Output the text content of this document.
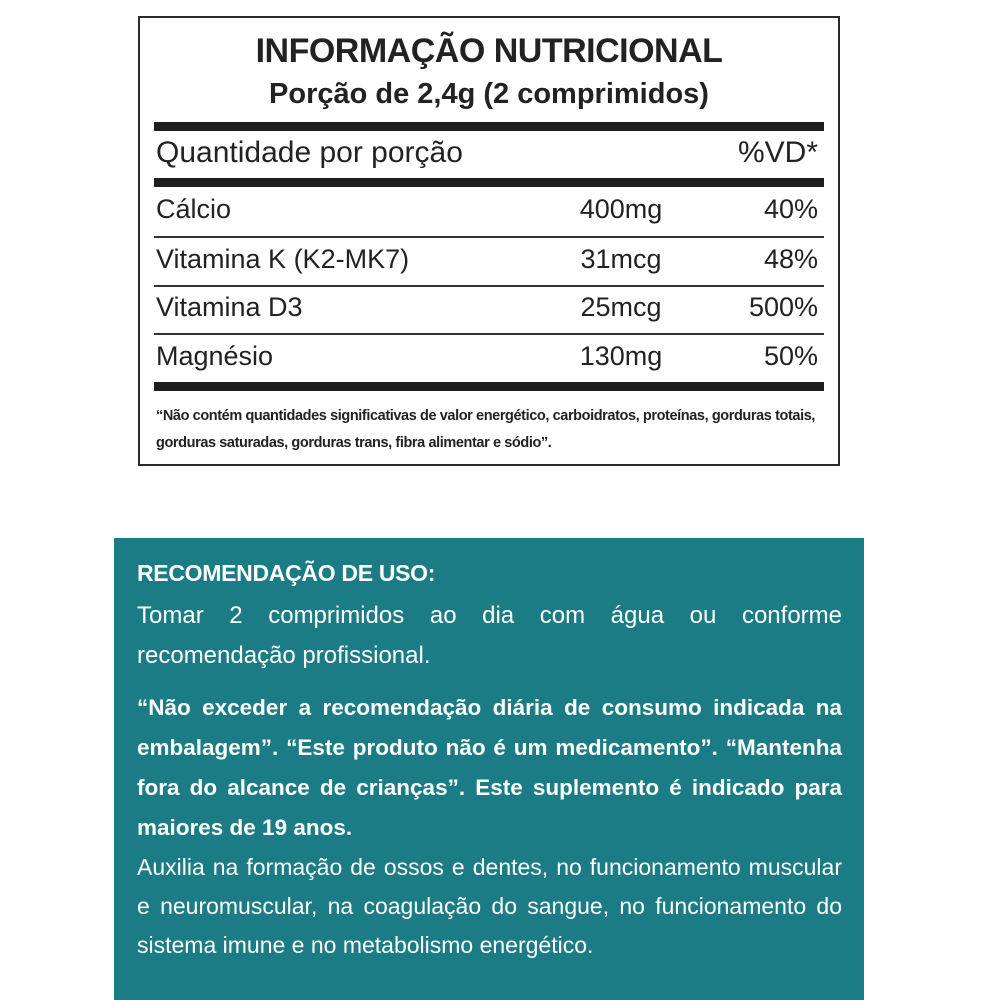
INFORMAÇÃO NUTRICIONAL
Porção de 2,4g (2 comprimidos)
Quantidade por porção	%VD*
Cálcio	400mg	40%
Vitamina K (K2-MK7)	31mcg	48%
Vitamina D3	25mcg	500%
Magnésio	130mg	50%
“Não contém quantidades significativas de valor energético, carboidratos, proteínas, gorduras totais, gorduras saturadas, gorduras trans, fibra alimentar e sódio”.

RECOMENDAÇÃO DE USO:

Tomar 2 comprimidos ao dia com água ou conforme recomendação profissional.

“Não exceder a recomendação diária de consumo indicada na embalagem”. “Este produto não é um medicamento”. “Mantenha fora do alcance de crianças”. Este suplemento é indicado para maiores de 19 anos.

Auxilia na formação de ossos e dentes, no funcionamento muscular e neuromuscular, na coagulação do sangue, no funcionamento do sistema imune e no metabolismo energético.
